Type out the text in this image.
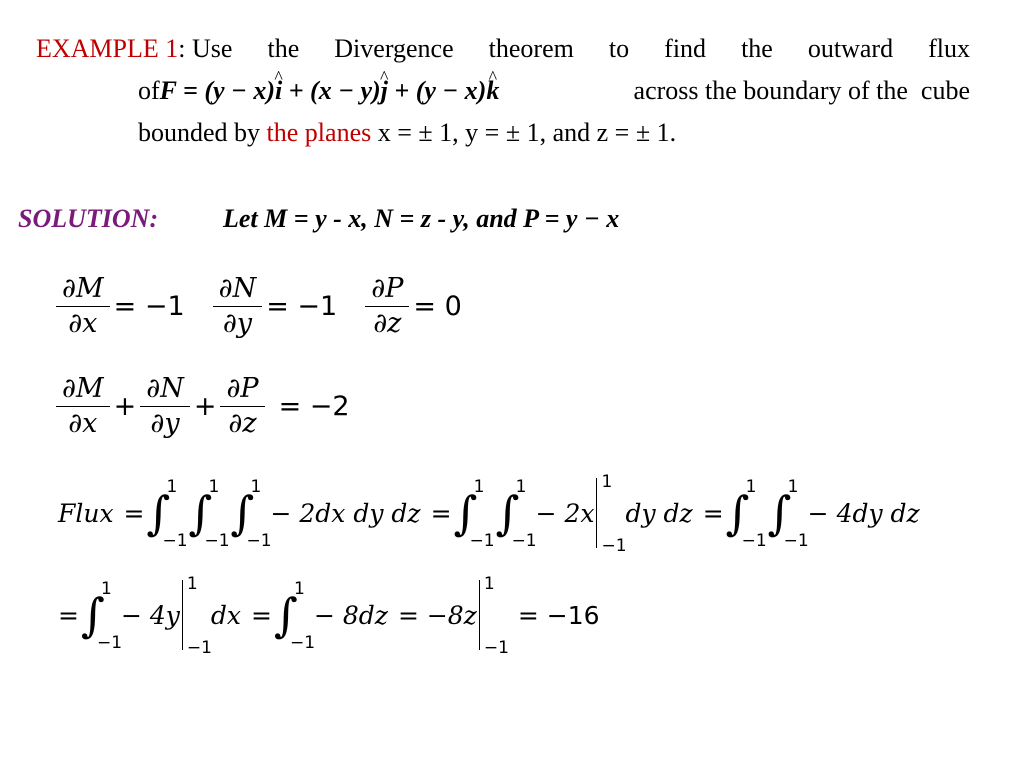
EXAMPLE 1: Use the Divergence theorem to find the outward flux
ofF = (y − x)i ^ + (x − y)j ^ + (y − x)k ^	across the boundary of the  cube
bounded by the planes x = ± 1, y = ± 1, and z = ± 1.
SOLUTION: Let M = y - x, N = z - y, and P = y − x
$\frac{\partial M}{\partial x} = -1 \frac{\partial N}{\partial y} = -1 \frac{\partial P}{\partial z} = 0$
$\frac{\partial M}{\partial x} + \frac{\partial N}{\partial y} + \frac{\partial P}{\partial z} = -2$
Flux = ∫
1
−1
∫
1
−1
∫
1
−1
− 2dx dy dz = ∫
1
−1
∫
1
−1
− 2x
1
−1
dy dz = ∫
1
−1
∫
1
−1
− 4dy dz
= ∫
1
−1
− 4y
1
−1
dx = ∫
1
−1
− 8dz = −8z
1
−1
= −16
